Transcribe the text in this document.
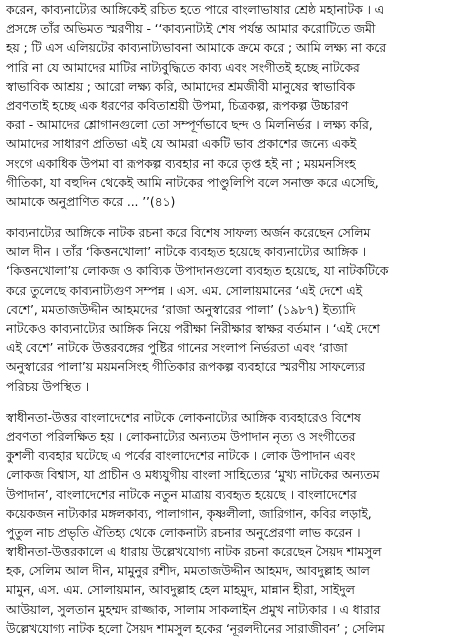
করেন, কাব্যনাট্যের আঙ্গিকেই রচিত হতে পারে বাংলাভাষার শ্রেষ্ঠ মহানাটক । এ
প্রসঙ্গে তাঁর অভিমত স্মরণীয় - ‘‘কাব্যনাট্যই শেষ পর্যন্ত আমার করোটিতে জমী
হয় ; টি এস এলিয়টের কাব্যনাট্যভাবনা আমাকে ক্রমে করে ; আমি লক্ষ্য না করে
পারি না যে আমাদের মাটির নাট্যবুদ্ধিতে কাব্য এবং সংগীতই হচ্ছে নাটকের
স্বাভাবিক আশ্রয় ; আরো লক্ষ্য করি, আমাদের শ্রমজীবী মানুষের স্বাভাবিক
প্রবণতাই হচ্ছে এক ধরণের কবিতাশ্রয়ী উপমা, চিত্রকল্প, রূপকল্প উচ্চারণ
করা - আমাদের শ্লোগানগুলো তো সম্পূর্ণভাবে ছন্দ ও মিলনির্ভর । লক্ষ্য করি,
আমাদের সাধারণ প্রতিভা এই যে আমরা একটি ভাব প্রকাশের জন্যে একই
সংগে একাধিক উপমা বা রূপকল্প ব্যবহার না করে তৃপ্ত হই না ; ময়মনসিংহ
গীতিকা, যা বহুদিন থেকেই আমি নাটকের পাণ্ডুলিপি বলে সনাক্ত করে এসেছি,
আমাকে অনুপ্রাণিত করে ... ’’(৪১)
কাব্যনাট্যের আঙ্গিকে নাটক রচনা করে বিশেষ সাফল্য অর্জন করেছেন সেলিম
আল দীন । তাঁর ‘কিত্তনখোলা’ নাটকে ব্যবহৃত হয়েছে কাব্যনাট্যের আঙ্গিক ।
‘কিত্তনখোলা’য় লোকজ ও কাব্যিক উপাদানগুলো ব্যবহৃত হয়েছে, যা নাটকটিকে
করে তুলেছে কাব্যনাট্যগুণ সম্পন্ন । এস. এম. সোলায়মানের ‘এই দেশে এই
বেশে’, মমতাজউদ্দীন আহমদের ‘রাজা অনুস্বারের পালা’ (১৯৮৭) ইত্যাদি
নাটকেও কাব্যনাট্যের আঙ্গিক নিয়ে পরীক্ষা নিরীক্ষার স্বাক্ষর বর্তমান । ‘এই দেশে
এই বেশে’ নাটকে উত্তরবঙ্গের পুষ্টির গানের সংলাপ নির্ভরতা এবং ‘রাজা
অনুস্বারের পালা’য় ময়মনসিংহ গীতিকার রূপকল্প ব্যবহারে স্মরণীয় সাফল্যের
পরিচয় উপস্থিত ।
স্বাধীনতা-উত্তর বাংলাদেশের নাটকে লোকনাট্যের আঙ্গিক ব্যবহারেও বিশেষ
প্রবণতা পরিলক্ষিত হয় । লোকনাট্যের অন্যতম উপাদান নৃত্য ও সংগীতের
কুশলী ব্যবহার ঘটেছে এ পর্বের বাংলাদেশের নাটকে । লোক উপাদান এবং
লোকজ বিশ্বাস, যা প্রাচীন ও মধ্যযুগীয় বাংলা সাহিত্যের ‘মুখ্য নাটকের অন্যতম
উপাদান’, বাংলাদেশের নাটকে নতুন মাত্রায় ব্যবহৃত হয়েছে । বাংলাদেশের
কয়েকজন নাট্যকার মঙ্গলকাব্য, পালাগান, কৃষ্ণলীলা, জারিগান, কবির লড়াই,
পুতুল নাচ প্রভৃতি ঐতিহ্য থেকে লোকনাট্য রচনার অনুপ্রেরণা লাভ করেন ।
স্বাধীনতা-উত্তরকালে এ ধারায় উল্লেখযোগ্য নাটক রচনা করেছেন সৈয়দ শামসুল
হক, সেলিম আল দীন, মামুনুর রশীদ, মমতাজউদ্দীন আহমদ, আবদুল্লাহ আল
মামুন, এস. এম. সোলায়মান, আবদুল্লাহ হেল মাহমুদ, মান্নান হীরা, সাইদুল
আউয়াল, সুলতান মুহম্মদ রাজ্জাক, সালাম সাকলাইন প্রমুখ নাট্যকার । এ ধারার
উল্লেখযোগ্য নাটক হলো সৈয়দ শামসুল হকের ‘নূরলদীনের সারাজীবন’ ; সেলিম
